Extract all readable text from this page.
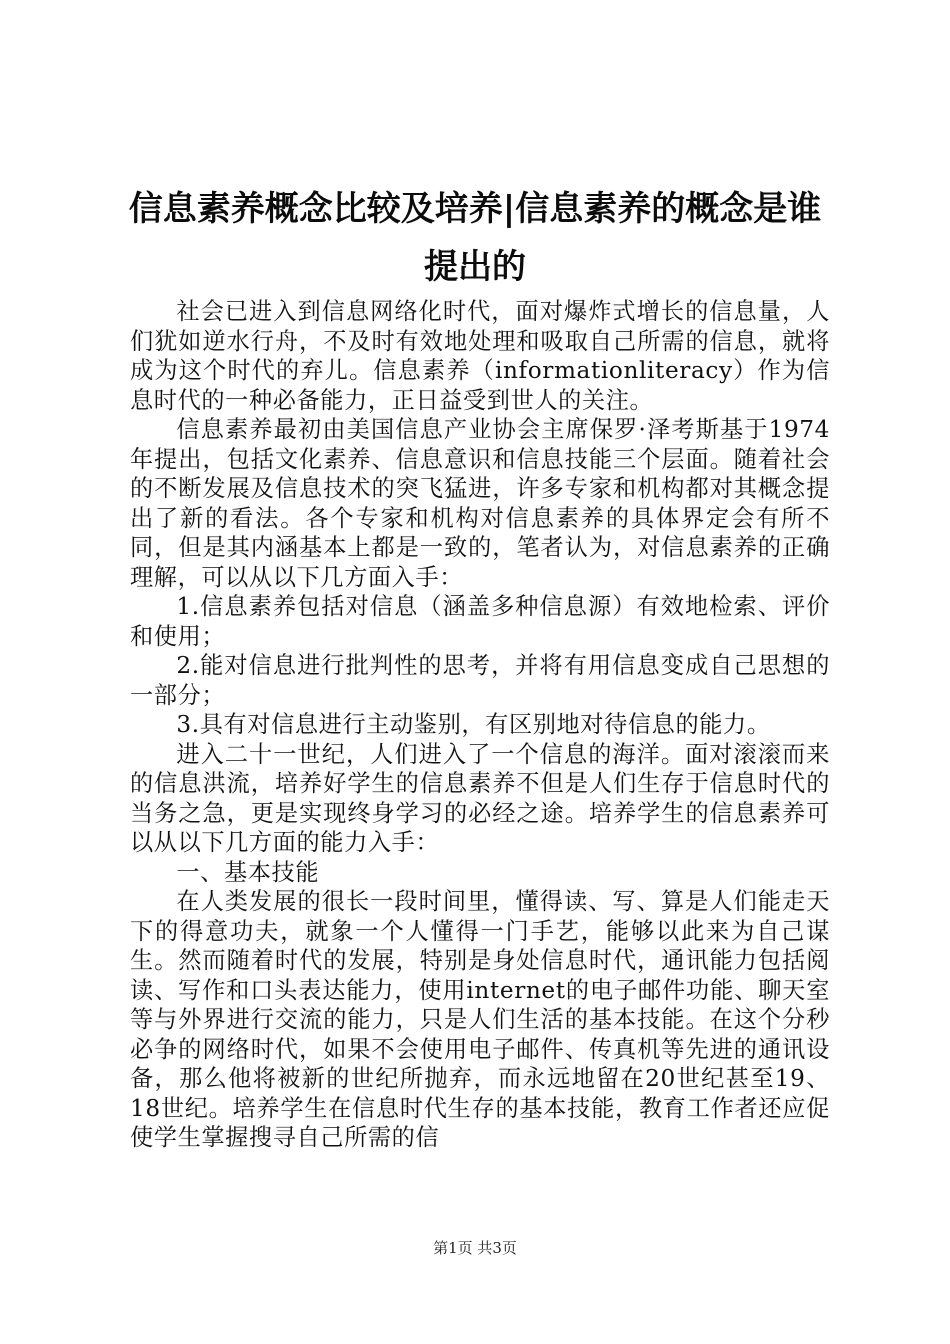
信息素养概念比较及培养|信息素养的概念是谁提出的

社会已进入到信息网络化时代，面对爆炸式增长的信息量，人们犹如逆水行舟，不及时有效地处理和吸取自己所需的信息，就将成为这个时代的弃儿。信息素养（informationliteracy）作为信息时代的一种必备能力，正日益受到世人的关注。

信息素养最初由美国信息产业协会主席保罗·泽考斯基于1974年提出，包括文化素养、信息意识和信息技能三个层面。随着社会的不断发展及信息技术的突飞猛进，许多专家和机构都对其概念提出了新的看法。各个专家和机构对信息素养的具体界定会有所不同，但是其内涵基本上都是一致的，笔者认为，对信息素养的正确理解，可以从以下几方面入手：

1.信息素养包括对信息（涵盖多种信息源）有效地检索、评价和使用；

2.能对信息进行批判性的思考，并将有用信息变成自己思想的一部分；

3.具有对信息进行主动鉴别，有区别地对待信息的能力。

进入二十一世纪，人们进入了一个信息的海洋。面对滚滚而来的信息洪流，培养好学生的信息素养不但是人们生存于信息时代的当务之急，更是实现终身学习的必经之途。培养学生的信息素养可以从以下几方面的能力入手：

一、基本技能

在人类发展的很长一段时间里，懂得读、写、算是人们能走天下的得意功夫，就象一个人懂得一门手艺，能够以此来为自己谋生。然而随着时代的发展，特别是身处信息时代，通讯能力包括阅读、写作和口头表达能力，使用internet的电子邮件功能、聊天室等与外界进行交流的能力，只是人们生活的基本技能。在这个分秒必争的网络时代，如果不会使用电子邮件、传真机等先进的通讯设备，那么他将被新的世纪所抛弃，而永远地留在20世纪甚至19、18世纪。培养学生在信息时代生存的基本技能，教育工作者还应促使学生掌握搜寻自己所需的信

第1页 共3页
